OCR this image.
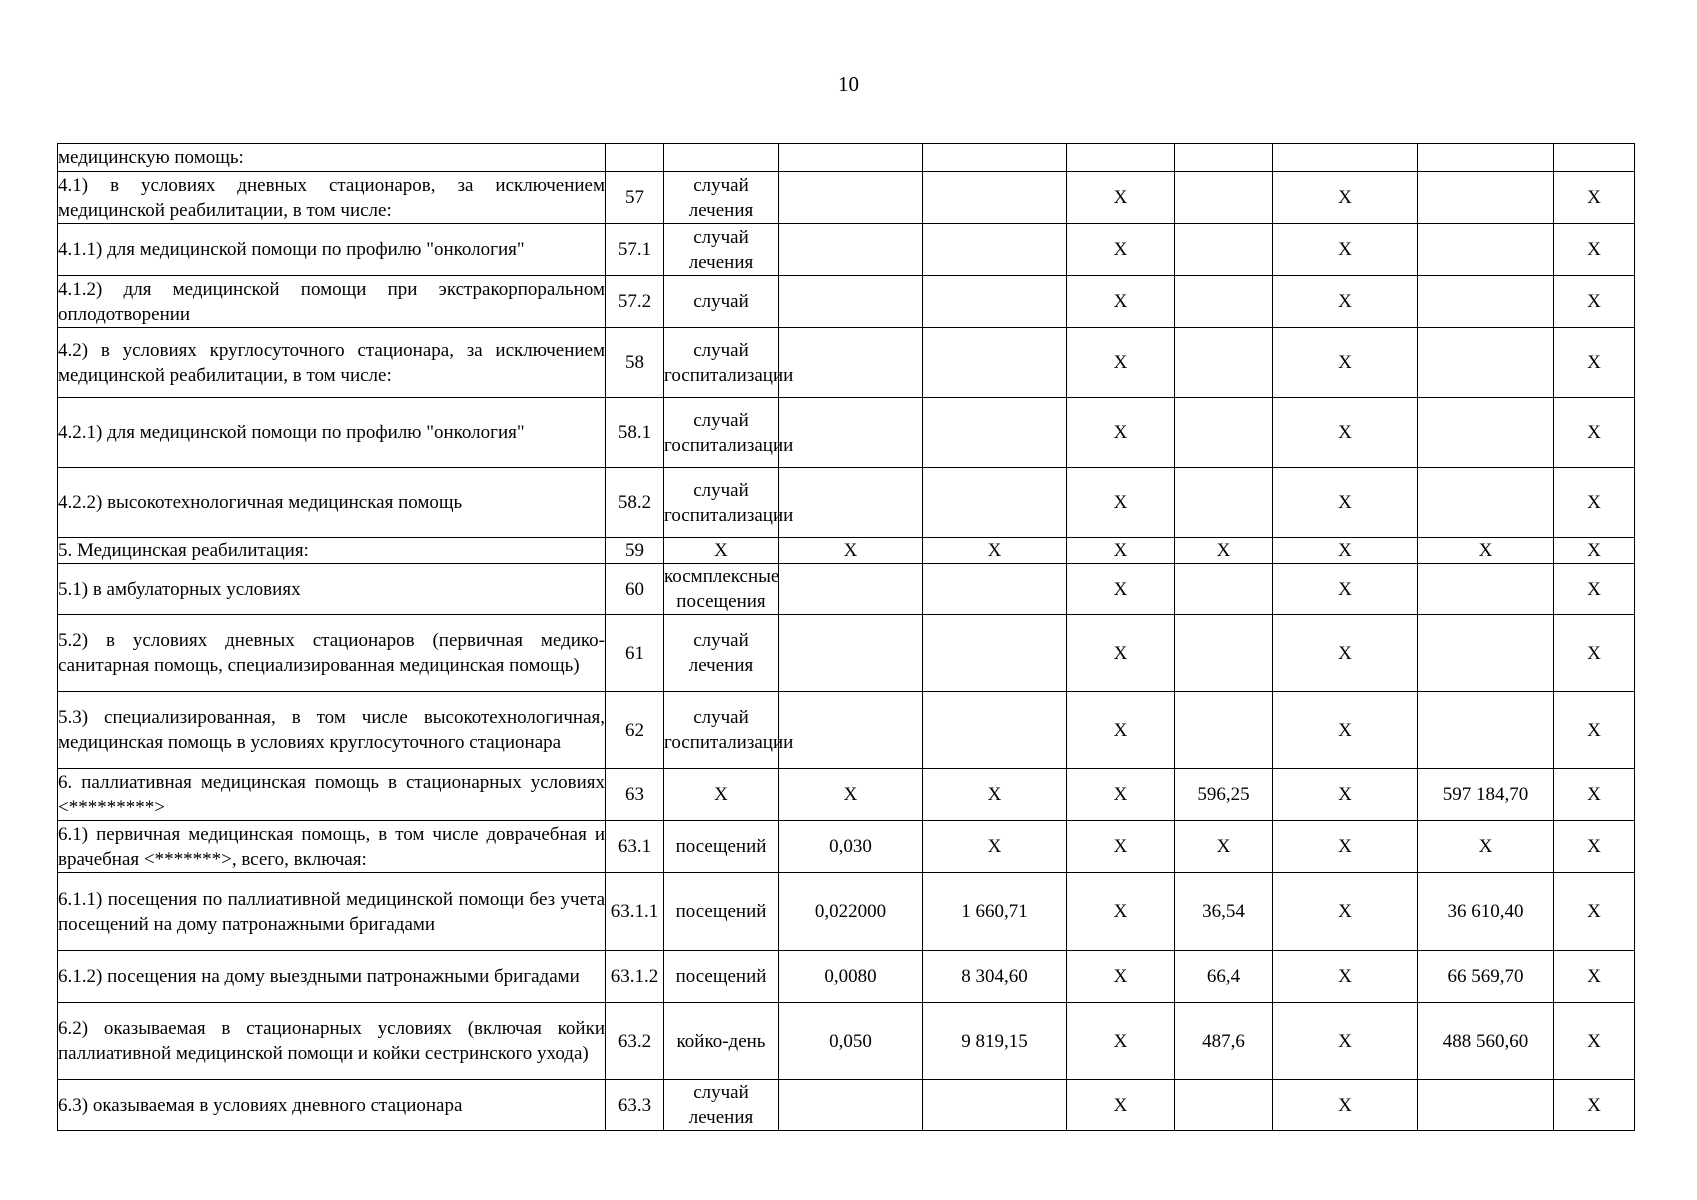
10
медицинскую помощь:									
4.1) в условиях дневных стационаров, за исключением медицинской реабилитации, в том числе:	57	случай лечения			Х		Х		Х
4.1.1) для медицинской помощи по профилю "онкология"	57.1	случай лечения			Х		Х		Х
4.1.2) для медицинской помощи при экстракорпоральном оплодотворении	57.2	случай			Х		Х		Х
4.2) в условиях круглосуточного стационара, за исключением медицинской реабилитации, в том числе:	58	случай госпитализации			Х		Х		Х
4.2.1) для медицинской помощи по профилю "онкология"	58.1	случай госпитализации			Х		Х		Х
4.2.2) высокотехнологичная медицинская помощь	58.2	случай госпитализации			Х		Х		Х
5. Медицинская реабилитация:	59	Х	Х	Х	Х	Х	Х	Х	Х
5.1) в амбулаторных условиях	60	космплексные посещения			Х		Х		Х
5.2) в условиях дневных стационаров (первичная медико-санитарная помощь, специализированная медицинская помощь)	61	случай лечения			Х		Х		Х
5.3) специализированная, в том числе высокотехнологичная, медицинская помощь в условиях круглосуточного стационара	62	случай госпитализации			Х		Х		Х
6. паллиативная медицинская помощь в стационарных условиях <*********>	63	Х	Х	Х	Х	596,25	Х	597 184,70	Х
6.1) первичная медицинская помощь, в том числе доврачебная и врачебная <*******>, всего, включая:	63.1	посещений	0,030	Х	Х	Х	Х	Х	Х
6.1.1) посещения по паллиативной медицинской помощи без учета посещений на дому патронажными бригадами	63.1.1	посещений	0,022000	1 660,71	Х	36,54	Х	36 610,40	Х
6.1.2) посещения на дому выездными патронажными бригадами	63.1.2	посещений	0,0080	8 304,60	Х	66,4	Х	66 569,70	Х
6.2) оказываемая в стационарных условиях (включая койки паллиативной медицинской помощи и койки сестринского ухода)	63.2	койко-день	0,050	9 819,15	Х	487,6	Х	488 560,60	Х
6.3) оказываемая в условиях дневного стационара	63.3	случай лечения			Х		Х		Х
